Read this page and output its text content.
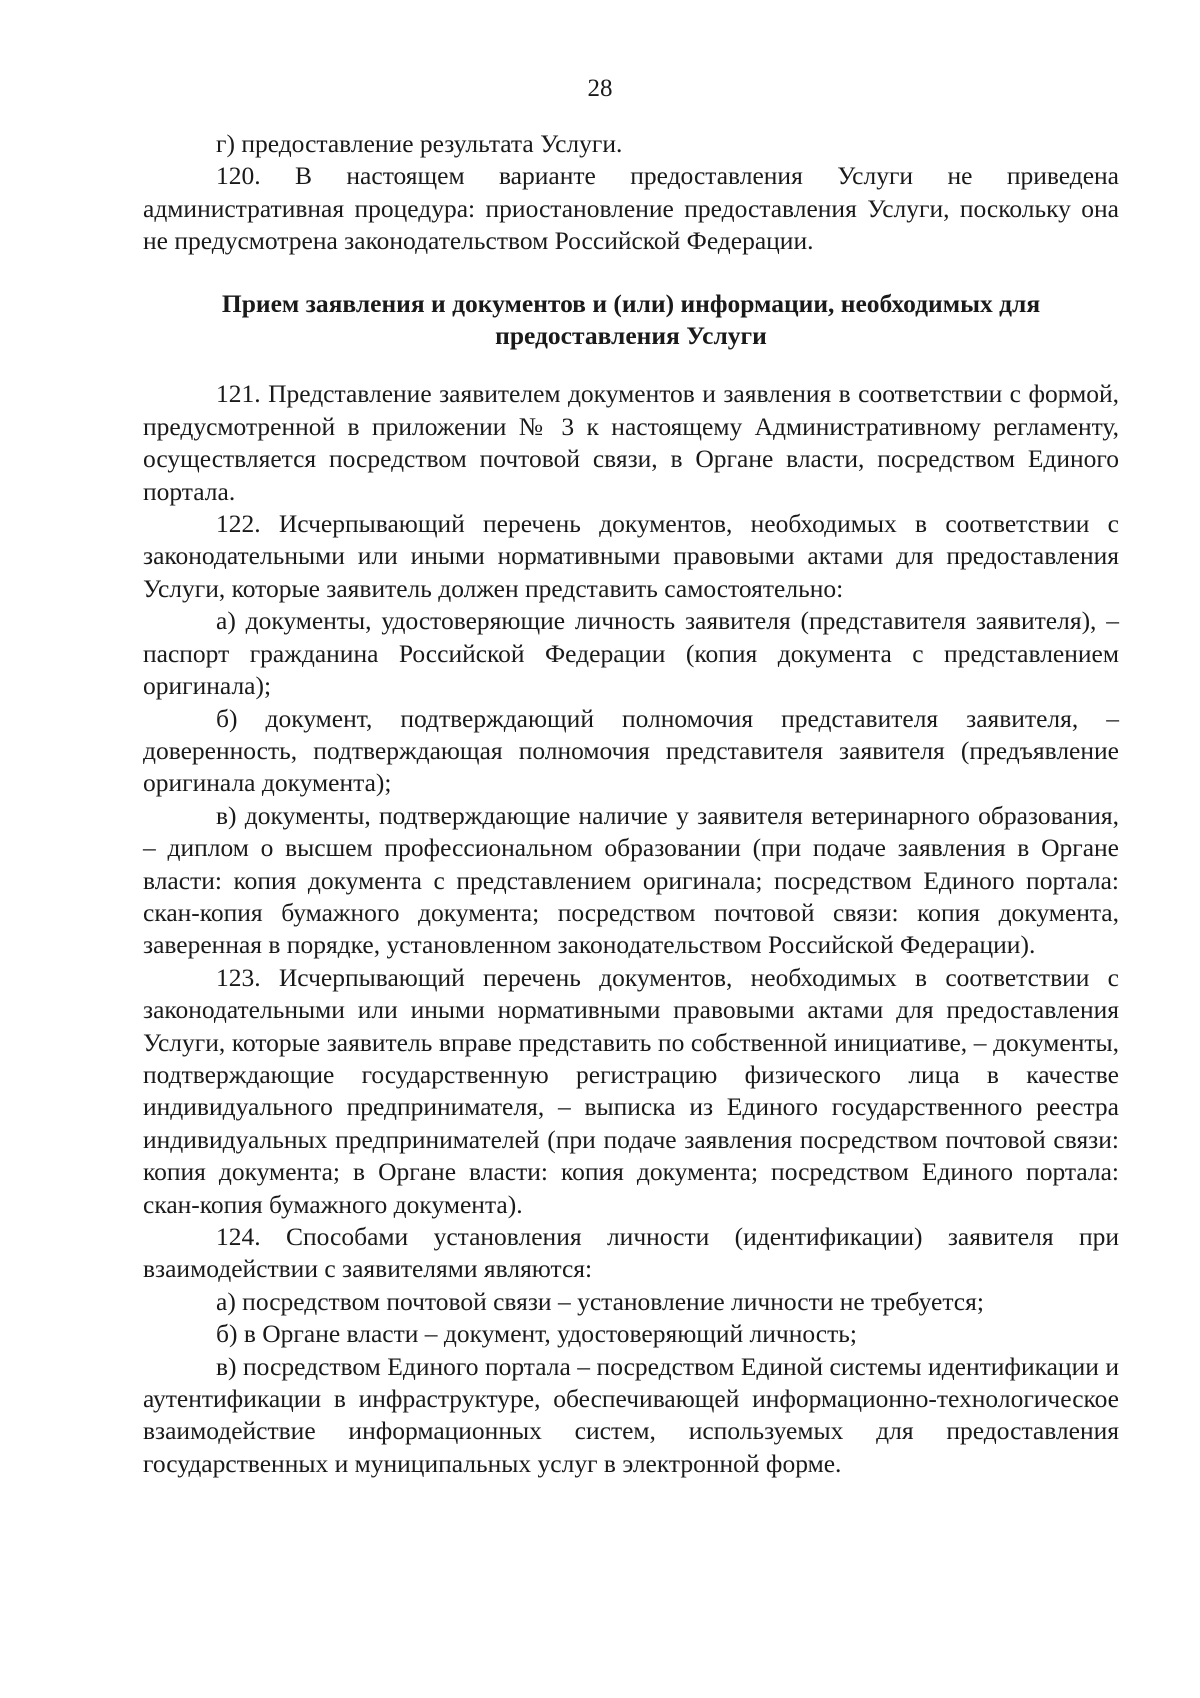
28

г) предоставление результата Услуги.

120. В настоящем варианте предоставления Услуги не приведена административная процедура: приостановление предоставления Услуги, поскольку она не предусмотрена законодательством Российской Федерации.

Прием заявления и документов и (или) информации, необходимых для предоставления Услуги

121. Представление заявителем документов и заявления в соответствии с формой, предусмотренной в приложении № 3 к настоящему Административному регламенту, осуществляется посредством почтовой связи, в Органе власти, посредством Единого портала.

122. Исчерпывающий перечень документов, необходимых в соответствии с законодательными или иными нормативными правовыми актами для предоставления Услуги, которые заявитель должен представить самостоятельно:

а) документы, удостоверяющие личность заявителя (представителя заявителя), – паспорт гражданина Российской Федерации (копия документа с представлением оригинала);

б) документ, подтверждающий полномочия представителя заявителя, – доверенность, подтверждающая полномочия представителя заявителя (предъявление оригинала документа);

в) документы, подтверждающие наличие у заявителя ветеринарного образования, – диплом о высшем профессиональном образовании (при подаче заявления в Органе власти: копия документа с представлением оригинала; посредством Единого портала: скан-копия бумажного документа; посредством почтовой связи: копия документа, заверенная в порядке, установленном законодательством Российской Федерации).

123. Исчерпывающий перечень документов, необходимых в соответствии с законодательными или иными нормативными правовыми актами для предоставления Услуги, которые заявитель вправе представить по собственной инициативе, – документы, подтверждающие государственную регистрацию физического лица в качестве индивидуального предпринимателя, – выписка из Единого государственного реестра индивидуальных предпринимателей (при подаче заявления посредством почтовой связи: копия документа; в Органе власти: копия документа; посредством Единого портала: скан-копия бумажного документа).

124. Способами установления личности (идентификации) заявителя при взаимодействии с заявителями являются:

а) посредством почтовой связи – установление личности не требуется;

б) в Органе власти – документ, удостоверяющий личность;

в) посредством Единого портала – посредством Единой системы идентификации и аутентификации в инфраструктуре, обеспечивающей информационно-технологическое взаимодействие информационных систем, используемых для предоставления государственных и муниципальных услуг в электронной форме.
